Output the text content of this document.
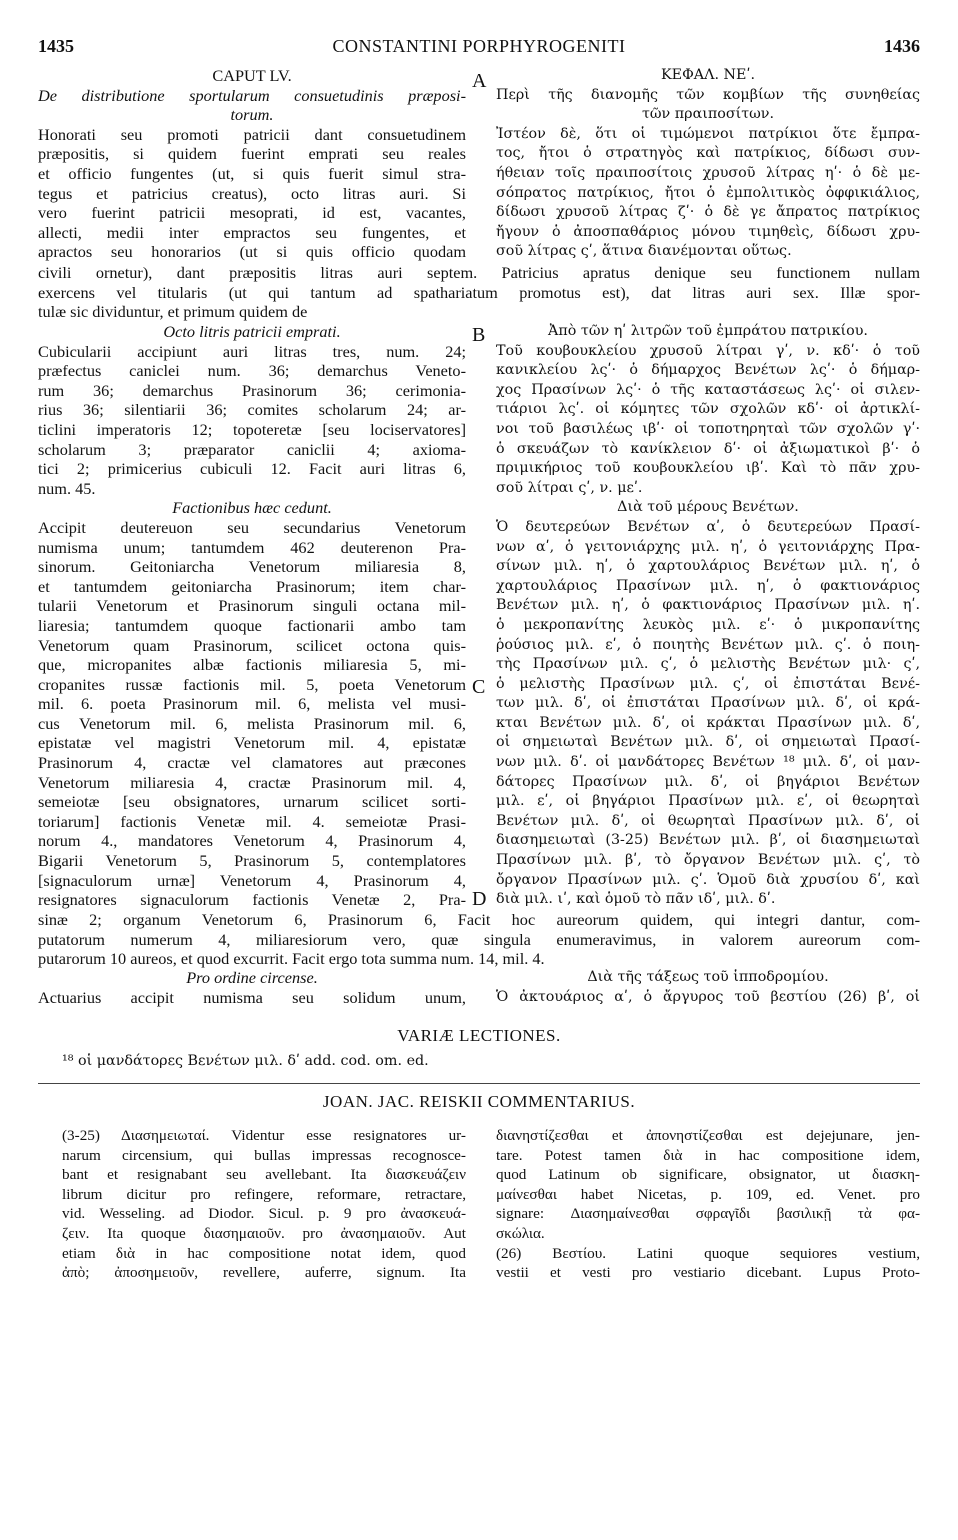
1435	CONSTANTINI PORPHYROGENITI	1436
CAPUT LV.
De distributione sportularum consuetudinis præposi-
torum.
Honorati seu promoti patricii dant consuetudinem
præpositis, si quidem fuerint emprati seu reales
et officio fungentes (ut, si quis fuerit simul stra-
tegus et patricius creatus), octo litras auri. Si
vero fuerint patricii mesoprati, id est, vacantes,
allecti, medii inter empractos seu fungentes, et
apractos seu honorarios (ut si quis officio quodam
ΚΕΦΑΛ. ΝΕʹ.
Περὶ τῆς διανομῆς τῶν κομβίων τῆς συνηθείας
τῶν πραιποσίτων.
Ἰστέον δὲ, ὅτι οἱ τιμώμενοι πατρίκιοι ὅτε ἔμπρα-
τος, ἤτοι ὁ στρατηγὸς καὶ πατρίκιος, δίδωσι συν-
ήθειαν τοῖς πραιποσίτοις χρυσοῦ λίτρας ηʹ· ὁ δὲ με-
σόπρατος πατρίκιος, ἤτοι ὁ ἐμπολιτικὸς ὀφφικιάλιος,
δίδωσι χρυσοῦ λίτρας ζʹ· ὁ δὲ γε ἄπρατος πατρίκιος
ἤγουν ὁ ἀποσπαθάριος μόνου τιμηθεὶς, δίδωσι χρυ-
σοῦ λίτρας ςʹ, ἅτινα διανέμονται οὕτως.
civili ornetur), dant præpositis litras auri septem. Patricius apratus denique seu functionem nullam
exercens vel titularis (ut qui tantum ad spathariatum promotus est), dat litras auri sex. Illæ spor-
tulæ sic dividuntur, et primum quidem de
Octo litris patricii emprati.
Cubicularii accipiunt auri litras tres, num. 24;
præfectus caniclei num. 36; demarchus Veneto-
rum 36; demarchus Prasinorum 36; cerimonia-
rius 36; silentiarii 36; comites scholarum 24; ar-
ticlini imperatoris 12; topoteretæ [seu lociservatores]
scholarum 3; præparator caniclii 4; axioma-
tici 2; primicerius cubiculi 12. Facit auri litras 6,
num. 45.
Factionibus hæc cedunt.
Accipit deutereuon seu secundarius Venetorum
numisma unum; tantumdem 462 deuterenon Pra-
sinorum. Geitoniarcha Venetorum miliaresia 8,
et tantumdem geitoniarcha Prasinorum; item char-
tularii Venetorum et Prasinorum singuli octana mil-
liaresia; tantumdem quoque factionarii ambo tam
Venetorum quam Prasinorum, scilicet octona quis-
que, micropanites albæ factionis miliaresia 5, mi-
cropanites russæ factionis mil. 5, poeta Venetorum
mil. 6. poeta Prasinorum mil. 6, melista vel musi-
cus Venetorum mil. 6, melista Prasinorum mil. 6,
epistatæ vel magistri Venetorum mil. 4, epistatæ
Prasinorum 4, cractæ vel clamatores aut præcones
Venetorum miliaresia 4, cractæ Prasinorum mil. 4,
semeiotæ [seu obsignatores, urnarum scilicet sorti-
toriarum] factionis Venetæ mil. 4. semeiotæ Prasi-
norum 4., mandatores Venetorum 4, Prasinorum 4,
Bigarii Venetorum 5, Prasinorum 5, contemplatores
[signaculorum urnæ] Venetorum 4, Prasinorum 4,
resignatores signaculorum factionis Venetæ 2, Pra-
Ἀπὸ τῶν ηʹ λιτρῶν τοῦ ἐμπράτου πατρικίου.
Τοῦ κουβουκλείου χρυσοῦ λίτραι γʹ, ν. κδʹ· ὁ τοῦ
κανικλείου λςʹ· ὁ δήμαρχος Βενέτων λςʹ· ὁ δήμαρ-
χος Πρασίνων λςʹ· ὁ τῆς καταστάσεως λςʹ· οἱ σιλεν-
τιάριοι λςʹ. οἱ κόμητες τῶν σχολῶν κδʹ· οἱ ἀρτικλί-
νοι τοῦ βασιλέως ιβʹ· οἱ τοποτηρηταὶ τῶν σχολῶν γʹ·
ὁ σκευάζων τὸ κανίκλειον δʹ· οἱ ἀξιωματικοὶ βʹ· ὁ
πριμικήριος τοῦ κουβουκλείου ιβʹ. Καὶ τὸ πᾶν χρυ-
σοῦ λίτραι ςʹ, ν. μεʹ.
Διὰ τοῦ μέρους Βενέτων.
Ὁ δευτερεύων Βενέτων αʹ, ὁ δευτερεύων Πρασί-
νων αʹ, ὁ γειτονιάρχης μιλ. ηʹ, ὁ γειτονιάρχης Πρα-
σίνων μιλ. ηʹ, ὁ χαρτουλάριος Βενέτων μιλ. ηʹ, ὁ
χαρτουλάριος Πρασίνων μιλ. ηʹ, ὁ φακτιονάριος
Βενέτων μιλ. ηʹ, ὁ φακτιονάριος Πρασίνων μιλ. ηʹ.
ὁ μεκροπανίτης λευκὸς μιλ. εʹ· ὁ μικροπανίτης
ῥούσιος μιλ. εʹ, ὁ ποιητὴς Βενέτων μιλ. ςʹ. ὁ ποιη-
τὴς Πρασίνων μιλ. ςʹ, ὁ μελιστὴς Βενέτων μιλ· ςʹ,
ὁ μελιστὴς Πρασίνων μιλ. ςʹ, οἱ ἐπιστάται Βενέ-
των μιλ. δʹ, οἱ ἐπιστάται Πρασίνων μιλ. δʹ, οἱ κρά-
κται Βενέτων μιλ. δʹ, οἱ κράκται Πρασίνων μιλ. δʹ,
οἱ σημειωταὶ Βενέτων μιλ. δʹ, οἱ σημειωταὶ Πρασί-
νων μιλ. δʹ. οἱ μανδάτορες Βενέτων ¹⁸ μιλ. δʹ, οἱ μαν-
δάτορες Πρασίνων μιλ. δʹ, οἱ βηγάριοι Βενέτων
μιλ. εʹ, οἱ βηγάριοι Πρασίνων μιλ. εʹ, οἱ θεωρηταὶ
Βενέτων μιλ. δʹ, οἱ θεωρηταὶ Πρασίνων μιλ. δʹ, οἱ
διασημειωταὶ (3-25) Βενέτων μιλ. βʹ, οἱ διασημειωταὶ
Πρασίνων μιλ. βʹ, τὸ ὄργανον Βενέτων μιλ. ςʹ, τὸ
ὄργανον Πρασίνων μιλ. ςʹ. Ὁμοῦ διὰ χρυσίου δʹ, καὶ
διὰ μιλ. ιʹ, καὶ ὁμοῦ τὸ πᾶν ιδʹ, μιλ. δʹ.
sinæ 2; organum Venetorum 6, Prasinorum 6, Facit hoc aureorum quidem, qui integri dantur, com-
putatorum numerum 4, miliaresiorum vero, quæ singula enumeravimus, in valorem aureorum com-
putarorum 10 aureos, et quod excurrit. Facit ergo tota summa num. 14, mil. 4.
Pro ordine circense.
Actuarius accipit numisma seu solidum unum,
Διὰ τῆς τάξεως τοῦ ἱπποδρομίου.
Ὁ ἀκτουάριος αʹ, ὁ ἄργυρος τοῦ βεστίου (26) βʹ, οἱ
A
B
C
D
VARIÆ LECTIONES.
¹⁸ οἱ μανδάτορες Βενέτων μιλ. δʹ add. cod. om. ed.
JOAN. JAC. REISKII COMMENTARIUS.
(3-25) Διασημειωταί. Videntur esse resignatores ur-
narum circensium, qui bullas impressas recognosce-
bant et resignabant seu avellebant. Ita διασκευάζειν
librum dicitur pro refingere, reformare, retractare,
vid. Wesseling. ad Diodor. Sicul. p. 9 pro ἀνασκευά-
ζειν. Ita quoque διασημαιοῦν. pro ἀνασημαιοῦν. Aut
etiam διὰ in hac compositione notat idem, quod
ἀπὸ; ἀποσημειοῦν, revellere, auferre, signum. Ita
διανηστίζεσθαι et ἀπονηστίζεσθαι est dejejunare, jen-
tare. Potest tamen διὰ in hac compositione idem,
quod Latinum ob significare, obsignator, ut διασκη-
μαίνεσθαι habet Nicetas, p. 109, ed. Venet. pro
signare: Διασημαίνεσθαι σφραγῖδι βασιλικῇ τὰ φα-
σκώλια.
(26) Βεστίου. Latini quoque sequiores vestium,
vestii et vesti pro vestiario dicebant. Lupus Proto-
